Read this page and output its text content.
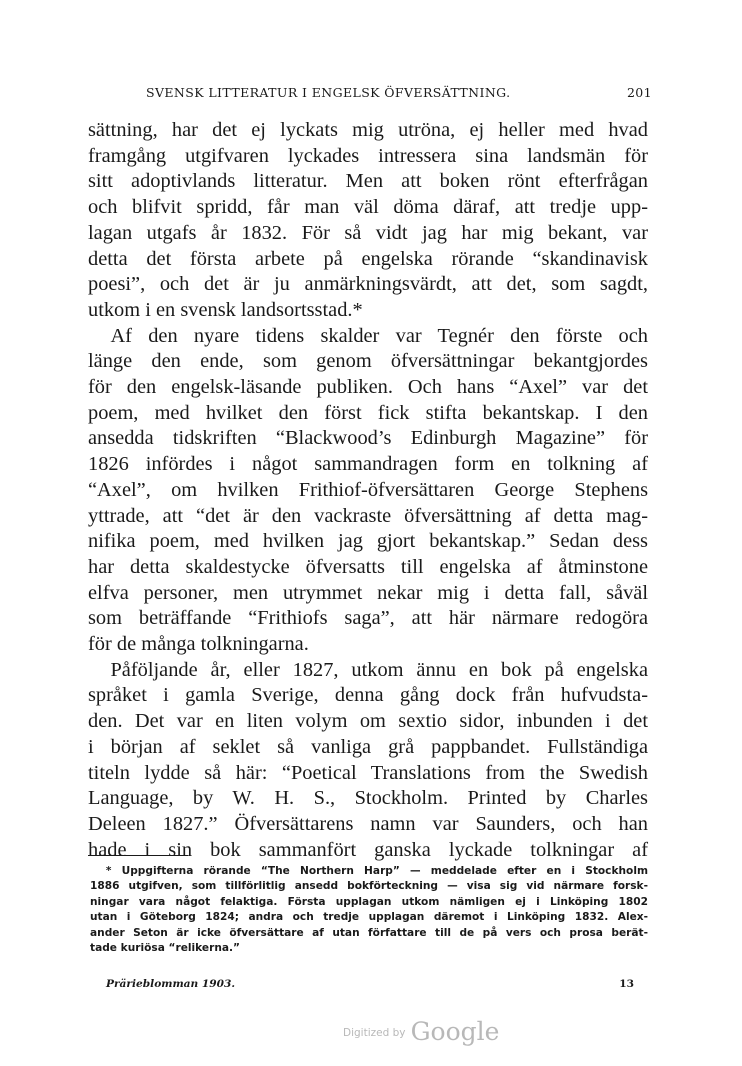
SVENSK LITTERATUR I ENGELSK ÖFVERSÄTTNING.	201
sättning, har det ej lyckats mig utröna, ej heller med hvad
framgång utgifvaren lyckades intressera sina landsmän för
sitt adoptivlands litteratur. Men att boken rönt efterfrågan
och blifvit spridd, får man väl döma däraf, att tredje upp-
lagan utgafs år 1832. För så vidt jag har mig bekant, var
detta det första arbete på engelska rörande “skandinavisk
poesi”, och det är ju anmärkningsvärdt, att det, som sagdt,
utkom i en svensk landsortsstad.*
Af den nyare tidens skalder var Tegnér den förste och
länge den ende, som genom öfversättningar bekantgjordes
för den engelsk-läsande publiken. Och hans “Axel” var det
poem, med hvilket den först fick stifta bekantskap. I den
ansedda tidskriften “Blackwood’s Edinburgh Magazine” för
1826 infördes i något sammandragen form en tolkning af
“Axel”, om hvilken Frithiof-öfversättaren George Stephens
yttrade, att “det är den vackraste öfversättning af detta mag-
nifika poem, med hvilken jag gjort bekantskap.” Sedan dess
har detta skaldestycke öfversatts till engelska af åtminstone
elfva personer, men utrymmet nekar mig i detta fall, såväl
som beträffande “Frithiofs saga”, att här närmare redogöra
för de många tolkningarna.
Påföljande år, eller 1827, utkom ännu en bok på engelska
språket i gamla Sverige, denna gång dock från hufvudsta-
den. Det var en liten volym om sextio sidor, inbunden i det
i början af seklet så vanliga grå pappbandet. Fullständiga
titeln lydde så här: “Poetical Translations from the Swedish
Language, by W. H. S., Stockholm. Printed by Charles
Deleen 1827.” Öfversättarens namn var Saunders, och han
hade i sin bok sammanfört ganska lyckade tolkningar af
* Uppgifterna rörande “The Northern Harp” — meddelade efter en i Stockholm
1886 utgifven, som tillförlitlig ansedd bokförteckning — visa sig vid närmare forsk-
ningar vara något felaktiga. Första upplagan utkom nämligen ej i Linköping 1802
utan i Göteborg 1824; andra och tredje upplagan däremot i Linköping 1832. Alex-
ander Seton är icke öfversättare af utan författare till de på vers och prosa berät-
tade kuriösa “relikerna.”
Prärieblomman 1903.	13
$^{Digitized by}$ Google
